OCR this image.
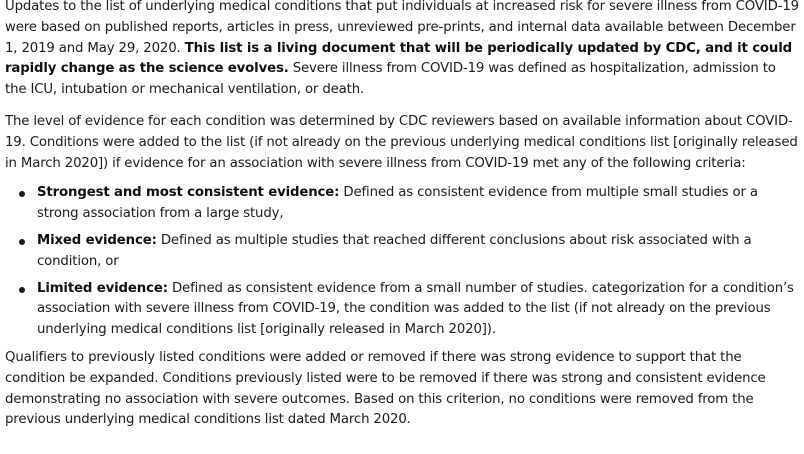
Updates to the list of underlying medical conditions that put individuals at increased risk for severe illness from COVID-19 were based on published reports, articles in press, unreviewed pre-prints, and internal data available between December 1, 2019 and May 29, 2020. This list is a living document that will be periodically updated by CDC, and it could rapidly change as the science evolves. Severe illness from COVID-19 was defined as hospitalization, admission to the ICU, intubation or mechanical ventilation, or death.

The level of evidence for each condition was determined by CDC reviewers based on available information about COVID-19. Conditions were added to the list (if not already on the previous underlying medical conditions list [originally released in March 2020]) if evidence for an association with severe illness from COVID-19 met any of the following criteria:

Strongest and most consistent evidence: Defined as consistent evidence from multiple small studies or a strong association from a large study,
Mixed evidence: Defined as multiple studies that reached different conclusions about risk associated with a condition, or
Limited evidence: Defined as consistent evidence from a small number of studies. categorization for a condition’s association with severe illness from COVID-19, the condition was added to the list (if not already on the previous underlying medical conditions list [originally released in March 2020]).

Qualifiers to previously listed conditions were added or removed if there was strong evidence to support that the condition be expanded. Conditions previously listed were to be removed if there was strong and consistent evidence demonstrating no association with severe outcomes. Based on this criterion, no conditions were removed from the previous underlying medical conditions list dated March 2020.
